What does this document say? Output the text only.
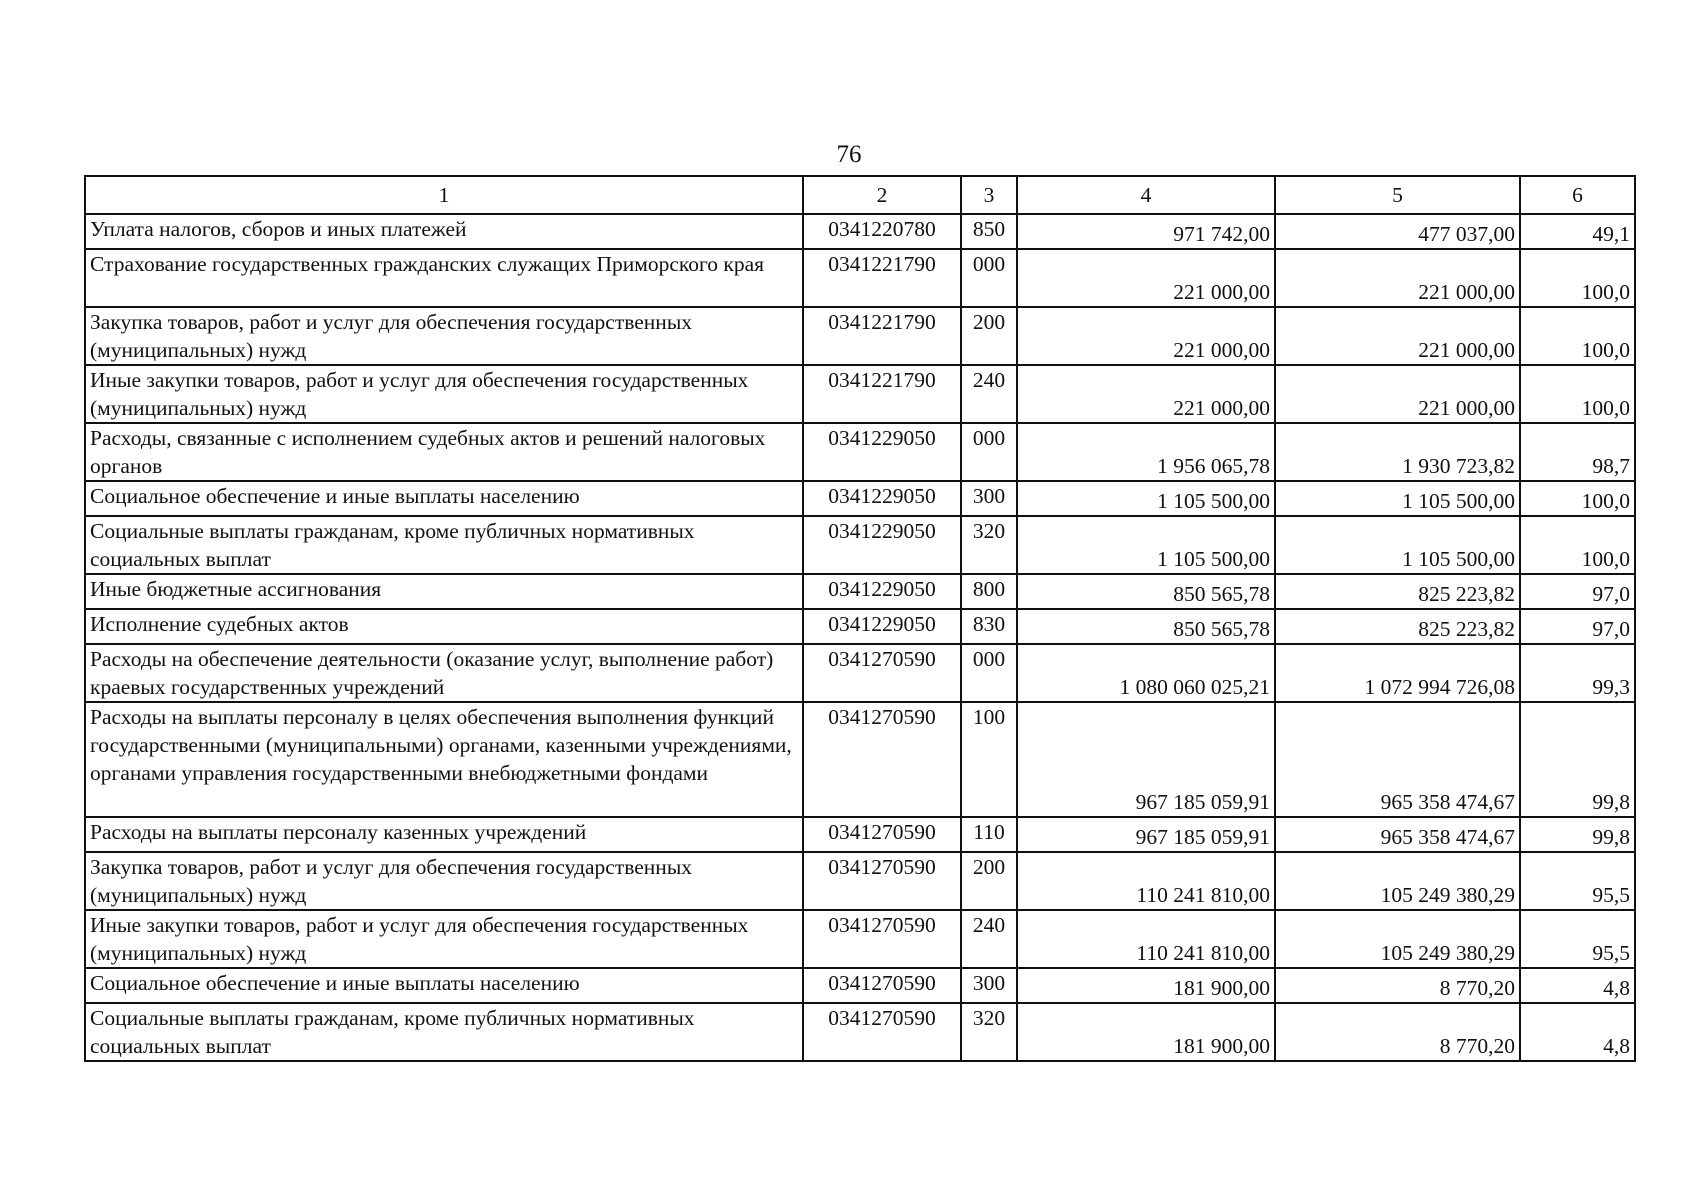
76
1	2	3	4	5	6
Уплата налогов, сборов и иных платежей	0341220780	850	971 742,00	477 037,00	49,1
Страхование государственных гражданских служащих Приморского края	0341221790	000	221 000,00	221 000,00	100,0
Закупка товаров, работ и услуг для обеспечения государственных (муниципальных) нужд	0341221790	200	221 000,00	221 000,00	100,0
Иные закупки товаров, работ и услуг для обеспечения государственных (муниципальных) нужд	0341221790	240	221 000,00	221 000,00	100,0
Расходы, связанные с исполнением судебных актов и решений налоговых органов	0341229050	000	1 956 065,78	1 930 723,82	98,7
Социальное обеспечение и иные выплаты населению	0341229050	300	1 105 500,00	1 105 500,00	100,0
Социальные выплаты гражданам, кроме публичных нормативных социальных выплат	0341229050	320	1 105 500,00	1 105 500,00	100,0
Иные бюджетные ассигнования	0341229050	800	850 565,78	825 223,82	97,0
Исполнение судебных актов	0341229050	830	850 565,78	825 223,82	97,0
Расходы на обеспечение деятельности (оказание услуг, выполнение работ) краевых государственных учреждений	0341270590	000	1 080 060 025,21	1 072 994 726,08	99,3
Расходы на выплаты персоналу в целях обеспечения выполнения функций государственными (муниципальными) органами, казенными учреждениями, органами управления государственными внебюджетными фондами	0341270590	100	967 185 059,91	965 358 474,67	99,8
Расходы на выплаты персоналу казенных учреждений	0341270590	110	967 185 059,91	965 358 474,67	99,8
Закупка товаров, работ и услуг для обеспечения государственных (муниципальных) нужд	0341270590	200	110 241 810,00	105 249 380,29	95,5
Иные закупки товаров, работ и услуг для обеспечения государственных (муниципальных) нужд	0341270590	240	110 241 810,00	105 249 380,29	95,5
Социальное обеспечение и иные выплаты населению	0341270590	300	181 900,00	8 770,20	4,8
Социальные выплаты гражданам, кроме публичных нормативных социальных выплат	0341270590	320	181 900,00	8 770,20	4,8
